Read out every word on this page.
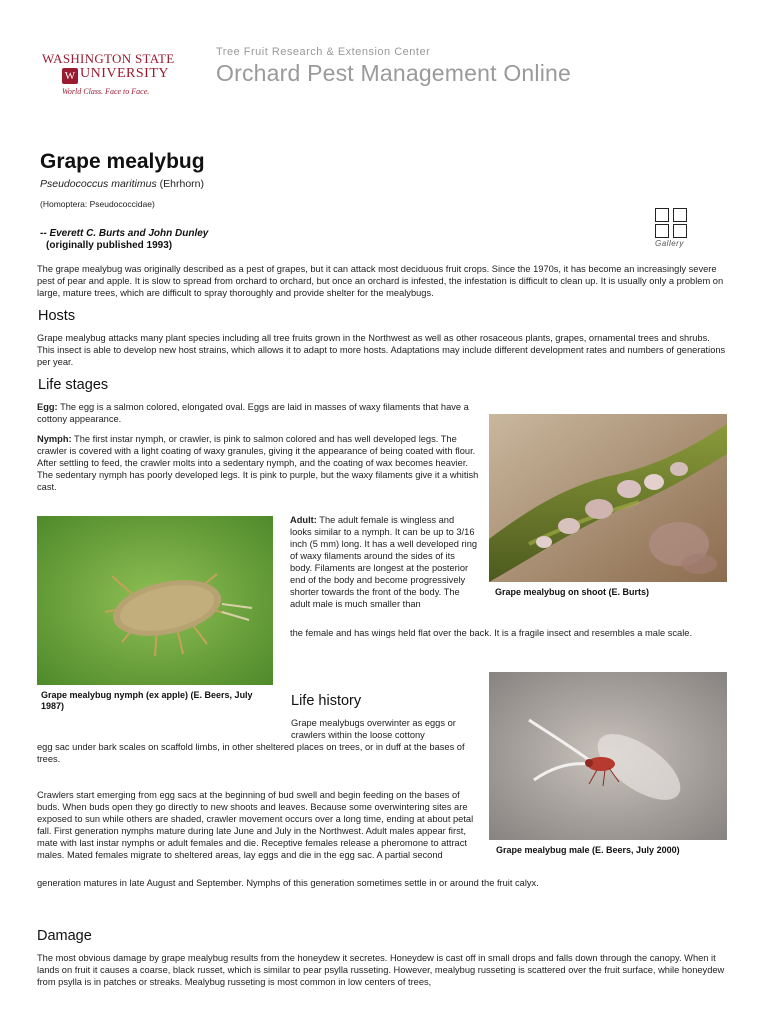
WASHINGTON STATE
W UNIVERSITY
World Class. Face to Face.
Tree Fruit Research & Extension Center
Orchard Pest Management Online
Grape mealybug
Pseudococcus maritimus (Ehrhorn)
(Homoptera: Pseudococcidae)
-- Everett C. Burts and John Dunley
(originally published 1993)	Gallery
The grape mealybug was originally described as a pest of grapes, but it can attack most deciduous fruit crops. Since the 1970s, it has become an increasingly severe pest of pear and apple. It is slow to spread from orchard to orchard, but once an orchard is infested, the infestation is difficult to clean up. It is usually only a problem on large, mature trees, which are difficult to spray thoroughly and provide shelter for the mealybugs.
Hosts
Grape mealybug attacks many plant species including all tree fruits grown in the Northwest as well as other rosaceous plants, grapes, ornamental trees and shrubs. This insect is able to develop new host strains, which allows it to adapt to more hosts. Adaptations may include different development rates and numbers of generations per year.
Life stages
Egg: The egg is a salmon colored, elongated oval. Eggs are laid in masses of waxy filaments that have a cottony appearance.
Nymph: The first instar nymph, or crawler, is pink to salmon colored and has well developed legs. The crawler is covered with a light coating of waxy granules, giving it the appearance of being coated with flour. After settling to feed, the crawler molts into a sedentary nymph, and the coating of wax becomes heavier. The sedentary nymph has poorly developed legs. It is pink to purple, but the waxy filaments give it a whitish cast.
Grape mealybug on shoot (E. Burts)
Grape mealybug nymph (ex apple) (E. Beers, July 1987)
Adult: The adult female is wingless and looks similar to a nymph. It can be up to 3/16 inch (5 mm) long. It has a well developed ring of waxy filaments around the sides of its body. Filaments are longest at the posterior end of the body and become progressively shorter towards the front of the body. The adult male is much smaller than
the female and has wings held flat over the back. It is a fragile insect and resembles a male scale.
Grape mealybug male (E. Beers, July 2000)
Life history
Grape mealybugs overwinter as eggs or crawlers within the loose cottony
egg sac under bark scales on scaffold limbs, in other sheltered places on trees, or in duff at the bases of trees.
Crawlers start emerging from egg sacs at the beginning of bud swell and begin feeding on the bases of buds. When buds open they go directly to new shoots and leaves. Because some overwintering sites are exposed to sun while others are shaded, crawler movement occurs over a long time, ending at about petal fall. First generation nymphs mature during late June and July in the Northwest. Adult males appear first, mate with last instar nymphs or adult females and die. Receptive females release a pheromone to attract males. Mated females migrate to sheltered areas, lay eggs and die in the egg sac. A partial second
generation matures in late August and September. Nymphs of this generation sometimes settle in or around the fruit calyx.
Damage
The most obvious damage by grape mealybug results from the honeydew it secretes. Honeydew is cast off in small drops and falls down through the canopy. When it lands on fruit it causes a coarse, black russet, which is similar to pear psylla russeting. However, mealybug russeting is scattered over the fruit surface, while honeydew from psylla is in patches or streaks. Mealybug russeting is most common in low centers of trees,
